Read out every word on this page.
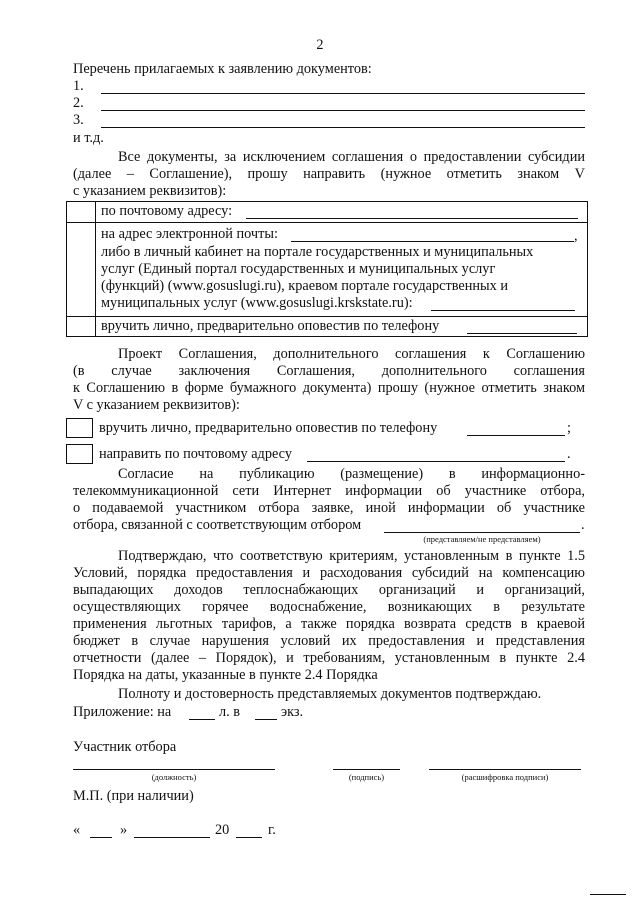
2
Перечень прилагаемых к заявлению документов:
1.
2.
3.
и т.д.
Все документы, за исключением соглашения о предоставлении субсидии
(далее – Соглашение), прошу направить (нужное отметить знаком V
с указанием реквизитов):
по почтовому адресу:
на адрес электронной почты:	,
либо в личный кабинет на портале государственных и муниципальных
услуг (Единый портал государственных и муниципальных услуг
(функций) (www.gosuslugi.ru), краевом портале государственных и
муниципальных услуг (www.gosuslugi.krskstate.ru):
вручить лично, предварительно оповестив по телефону
Проект Соглашения, дополнительного соглашения к Соглашению
(в случае заключения Соглашения, дополнительного соглашения
к Соглашению в форме бумажного документа) прошу (нужное отметить знаком
V с указанием реквизитов):
вручить лично, предварительно оповестив по телефону	;
направить по почтовому адресу	.
Согласие на публикацию (размещение) в информационно-
телекоммуникационной сети Интернет информации об участнике отбора,
о подаваемой участником отбора заявке, иной информации об участнике
отбора, связанной с соответствующим отбором	.
(представляем/не представляем)
Подтверждаю, что соответствую критериям, установленным в пункте 1.5
Условий, порядка предоставления и расходования субсидий на компенсацию
выпадающих доходов теплоснабжающих организаций и организаций,
осуществляющих горячее водоснабжение, возникающих в результате
применения льготных тарифов, а также порядка возврата средств в краевой
бюджет в случае нарушения условий их предоставления и представления
отчетности (далее – Порядок), и требованиям, установленным в пункте 2.4
Порядка на даты, указанные в пункте 2.4 Порядка
Полноту и достоверность представляемых документов подтверждаю.
Приложение: на	л. в	экз.
Участник отбора
(должность)	(подпись)	(расшифровка подписи)
М.П. (при наличии)
«	»	20	г.
